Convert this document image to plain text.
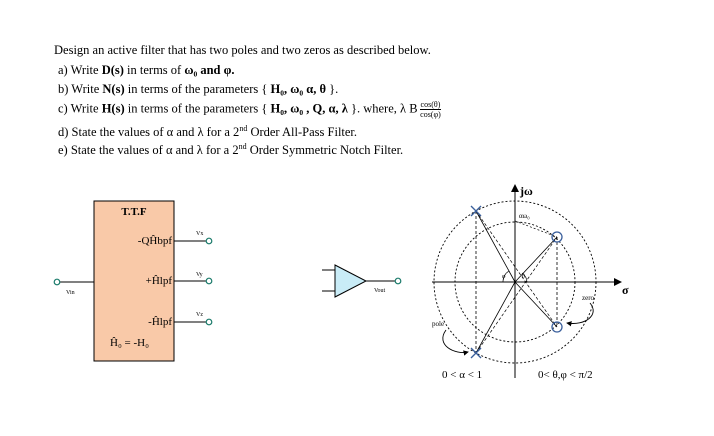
Design an active filter that has two poles and two zeros as described below.
a) Write D(s) in terms of ω₀ and φ.
b) Write N(s) in terms of the parameters { H₀, ω₀ α, θ }.
c) Write H(s) in terms of the parameters { H₀, ω₀ , Q, α, λ }. where, λ B $\frac{\cos(\theta)}{\cos(\varphi)}$
d) State the values of α and λ for a 2nd Order All-Pass Filter.
e) State the values of α and λ for a 2nd Order Symmetric Notch Filter.
T.T.F
-QĤbpf
+Ĥlpf
-Ĥlpf
Ĥ₀ = -H₀
Vin
Vx
Vy
Vz
Vout
jω
αω₀
σ
zero
pole
φ	θ
0 < α < 1	0< θ,φ < π/2
